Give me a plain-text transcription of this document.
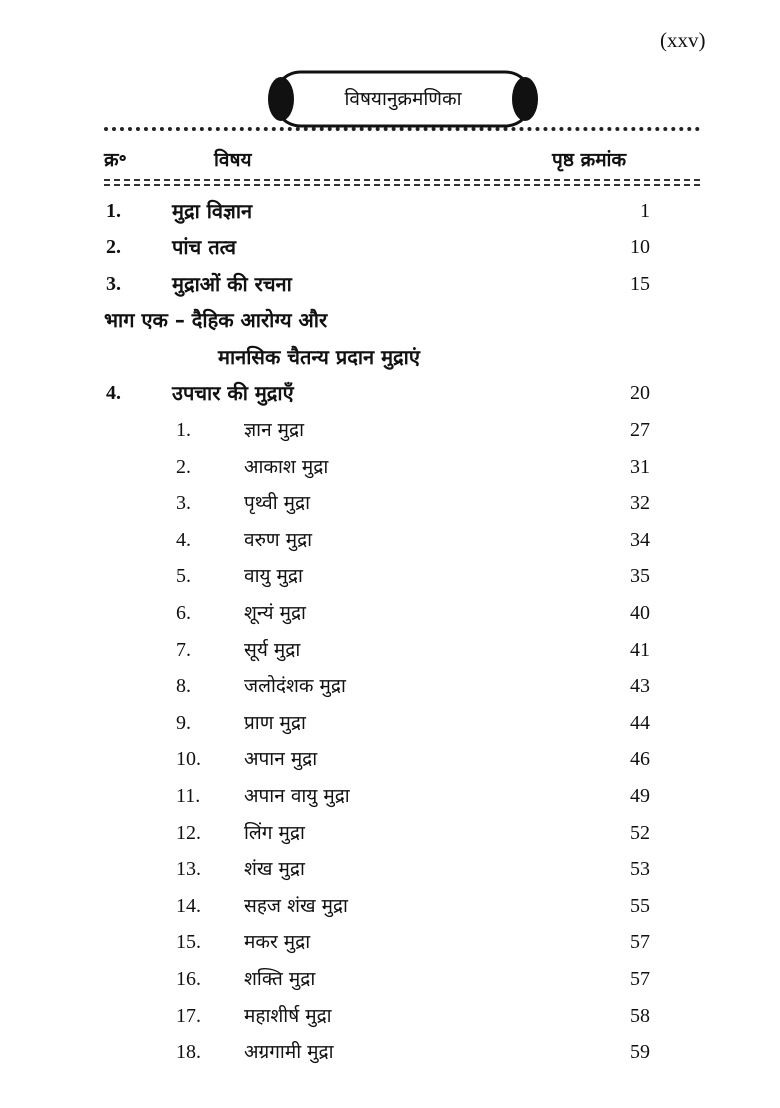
(xxv)
विषयानुक्रमणिका
क्र॰	विषय	पृष्ठ क्रमांक
1.	मुद्रा विज्ञान	1
2.	पांच तत्व	10
3.	मुद्राओं की रचना	15
भाग एक – दैहिक आरोग्य और
मानसिक चैतन्य प्रदान मुद्राएं
4.	उपचार की मुद्राएँ	20
1.	ज्ञान मुद्रा	27
2.	आकाश मुद्रा	31
3.	पृथ्वी मुद्रा	32
4.	वरुण मुद्रा	34
5.	वायु मुद्रा	35
6.	शून्यं मुद्रा	40
7.	सूर्य मुद्रा	41
8.	जलोदंशक मुद्रा	43
9.	प्राण मुद्रा	44
10. अपान मुद्रा	46
11. अपान वायु मुद्रा	49
12. लिंग मुद्रा	52
13. शंख मुद्रा	53
14. सहज शंख मुद्रा	55
15. मकर मुद्रा	57
16. शक्ति मुद्रा	57
17. महाशीर्ष मुद्रा	58
18. अग्रगामी मुद्रा	59
